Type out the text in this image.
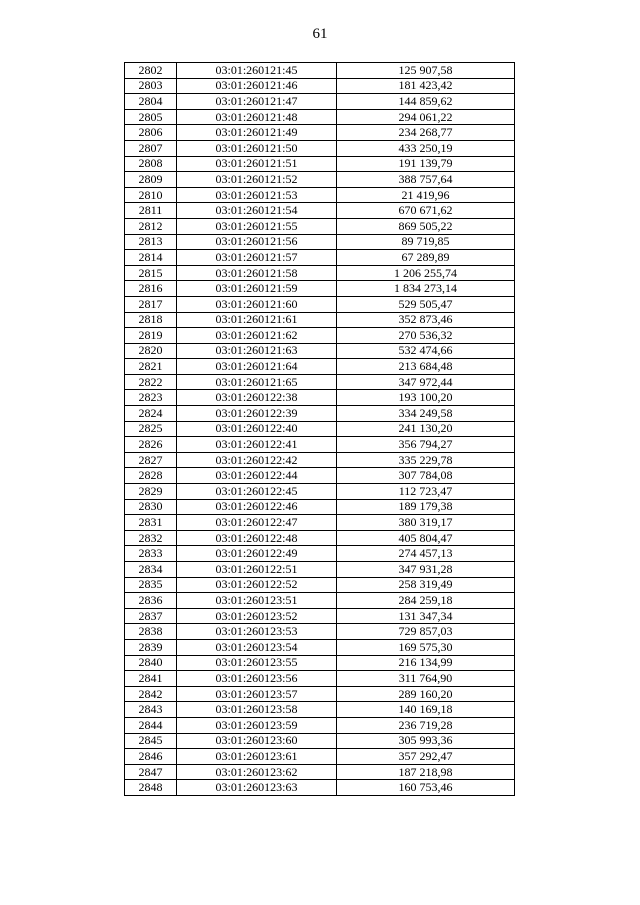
61
2802	03:01:260121:45	125 907,58
2803	03:01:260121:46	181 423,42
2804	03:01:260121:47	144 859,62
2805	03:01:260121:48	294 061,22
2806	03:01:260121:49	234 268,77
2807	03:01:260121:50	433 250,19
2808	03:01:260121:51	191 139,79
2809	03:01:260121:52	388 757,64
2810	03:01:260121:53	21 419,96
2811	03:01:260121:54	670 671,62
2812	03:01:260121:55	869 505,22
2813	03:01:260121:56	89 719,85
2814	03:01:260121:57	67 289,89
2815	03:01:260121:58	1 206 255,74
2816	03:01:260121:59	1 834 273,14
2817	03:01:260121:60	529 505,47
2818	03:01:260121:61	352 873,46
2819	03:01:260121:62	270 536,32
2820	03:01:260121:63	532 474,66
2821	03:01:260121:64	213 684,48
2822	03:01:260121:65	347 972,44
2823	03:01:260122:38	193 100,20
2824	03:01:260122:39	334 249,58
2825	03:01:260122:40	241 130,20
2826	03:01:260122:41	356 794,27
2827	03:01:260122:42	335 229,78
2828	03:01:260122:44	307 784,08
2829	03:01:260122:45	112 723,47
2830	03:01:260122:46	189 179,38
2831	03:01:260122:47	380 319,17
2832	03:01:260122:48	405 804,47
2833	03:01:260122:49	274 457,13
2834	03:01:260122:51	347 931,28
2835	03:01:260122:52	258 319,49
2836	03:01:260123:51	284 259,18
2837	03:01:260123:52	131 347,34
2838	03:01:260123:53	729 857,03
2839	03:01:260123:54	169 575,30
2840	03:01:260123:55	216 134,99
2841	03:01:260123:56	311 764,90
2842	03:01:260123:57	289 160,20
2843	03:01:260123:58	140 169,18
2844	03:01:260123:59	236 719,28
2845	03:01:260123:60	305 993,36
2846	03:01:260123:61	357 292,47
2847	03:01:260123:62	187 218,98
2848	03:01:260123:63	160 753,46
